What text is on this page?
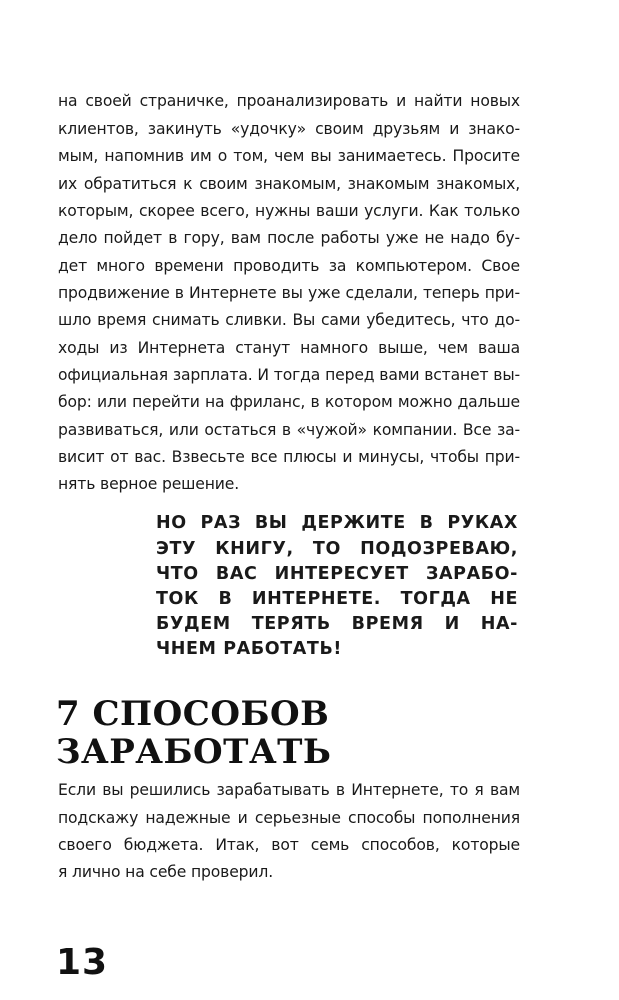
на своей страничке, проанализировать и найти новых

клиентов, закинуть «удочку» своим друзьям и знако-

мым, напомнив им о том, чем вы занимаетесь. Просите

их обратиться к своим знакомым, знакомым знакомых,

которым, скорее всего, нужны ваши услуги. Как только

дело пойдет в гору, вам после работы уже не надо бу-

дет много времени проводить за компьютером. Свое

продвижение в Интернете вы уже сделали, теперь при-

шло время снимать сливки. Вы сами убедитесь, что до-

ходы из Интернета станут намного выше, чем ваша

официальная зарплата. И тогда перед вами встанет вы-

бор: или перейти на фриланс, в котором можно дальше

развиваться, или остаться в «чужой» компании. Все за-

висит от вас. Взвесьте все плюсы и минусы, чтобы при-

нять верное решение.

НО РАЗ ВЫ ДЕРЖИТЕ В РУКАХ

ЭТУ КНИГУ, ТО ПОДОЗРЕВАЮ,

ЧТО ВАС ИНТЕРЕСУЕТ ЗАРАБО-

ТОК В ИНТЕРНЕТЕ. ТОГДА НЕ

БУДЕМ ТЕРЯТЬ ВРЕМЯ И НА-

ЧНЕМ РАБОТАТЬ!

7 СПОСОБОВ
ЗАРАБОТАТЬ

Если вы решились зарабатывать в Интернете, то я вам

подскажу надежные и серьезные способы пополнения

своего бюджета. Итак, вот семь способов, которые

я лично на себе проверил.

13
